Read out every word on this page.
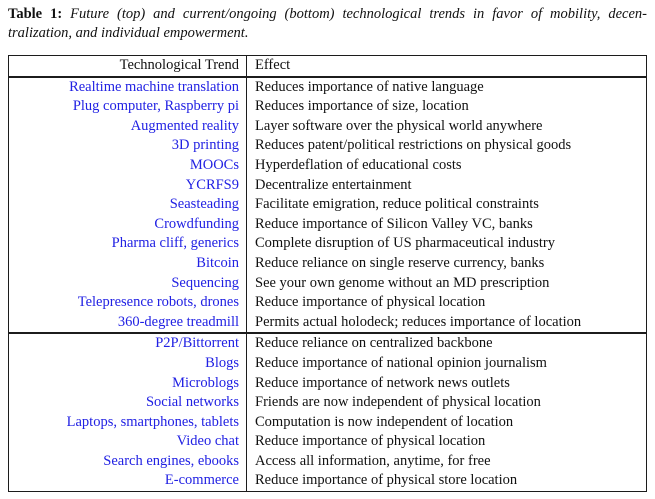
Table 1: Future (top) and current/ongoing (bottom) technological trends in favor of mobility, decen-
tralization, and individual empowerment.
Technological Trend	Effect
Realtime machine translation	Reduces importance of native language
Plug computer, Raspberry pi	Reduces importance of size, location
Augmented reality	Layer software over the physical world anywhere
3D printing	Reduces patent/political restrictions on physical goods
MOOCs	Hyperdeflation of educational costs
YCRFS9	Decentralize entertainment
Seasteading	Facilitate emigration, reduce political constraints
Crowdfunding	Reduce importance of Silicon Valley VC, banks
Pharma cliff, generics	Complete disruption of US pharmaceutical industry
Bitcoin	Reduce reliance on single reserve currency, banks
Sequencing	See your own genome without an MD prescription
Telepresence robots, drones	Reduce importance of physical location
360-degree treadmill	Permits actual holodeck; reduces importance of location
P2P/Bittorrent	Reduce reliance on centralized backbone
Blogs	Reduce importance of national opinion journalism
Microblogs	Reduce importance of network news outlets
Social networks	Friends are now independent of physical location
Laptops, smartphones, tablets	Computation is now independent of location
Video chat	Reduce importance of physical location
Search engines, ebooks	Access all information, anytime, for free
E-commerce	Reduce importance of physical store location
